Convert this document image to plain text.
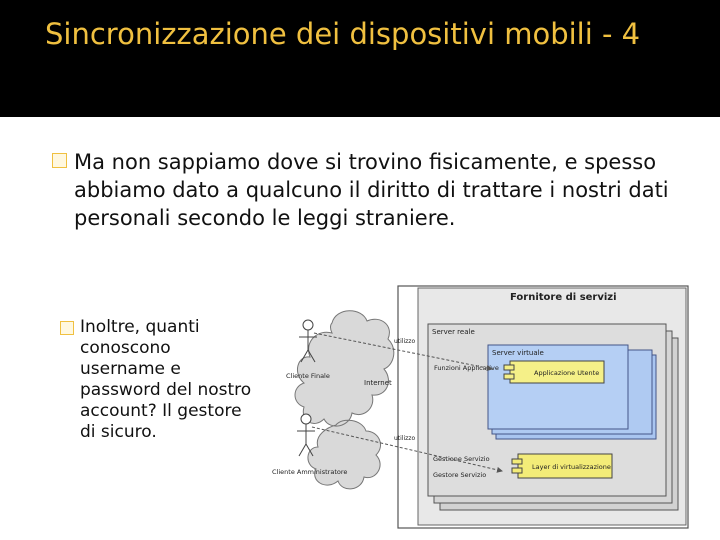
Sincronizzazione dei dispositivi mobili - 4
Ma non sappiamo dove si trovino fisicamente, e spesso abbiamo dato a qualcuno il diritto di trattare i nostri dati personali secondo le leggi straniere.
Inoltre, quanti conoscono username e password del nostro account? Il gestore di sicuro.
Fornitore di servizi
Server reale
Server virtuale
Applicazione Utente
Funzioni Applicative
Layer di virtualizzazione
Gestione Servizio
Gestore Servizio
Internet
Cliente Finale
Cliente Amministratore
utilizzo
utilizzo
